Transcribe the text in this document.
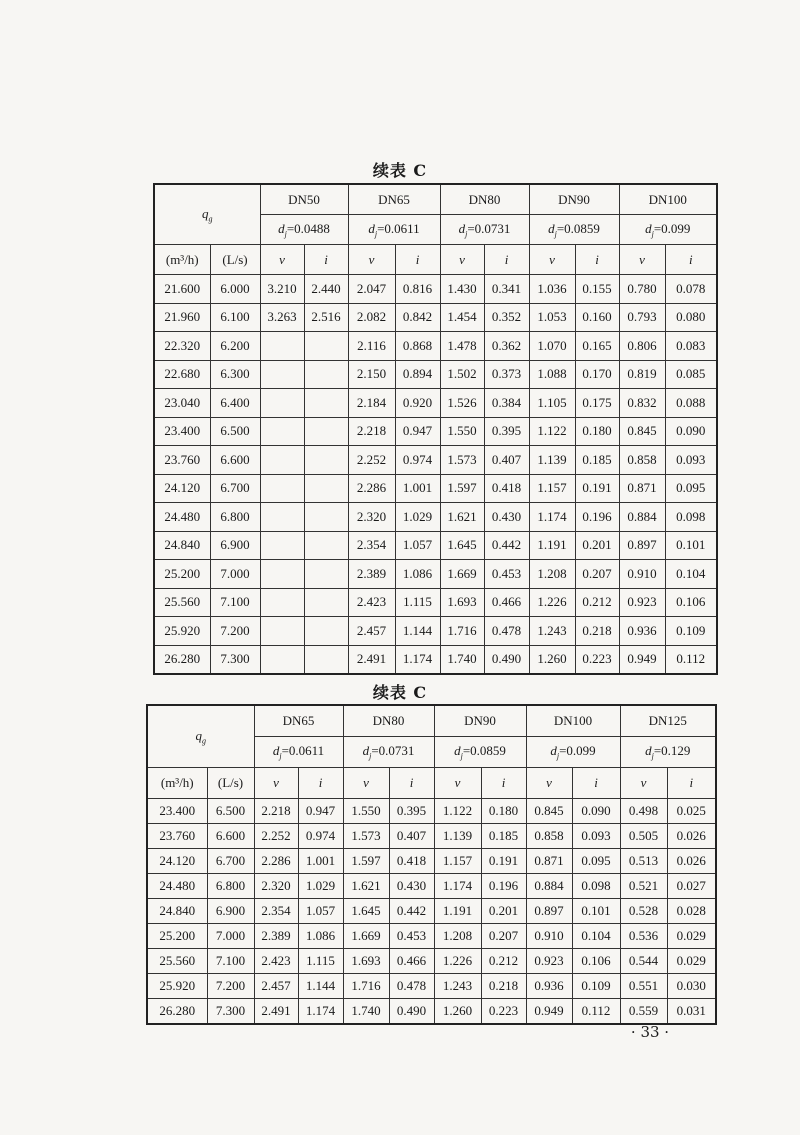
续表 C
$q_g$		DN50		DN65		DN80		DN90		DN100	
		$d_j=0.0488$		$d_j=0.0611$		$d_j=0.0731$		$d_j=0.0859$		$d_j=0.099$	
(m³/h)	(L/s)	v	i	v	i	v	i	v	i	v	i
21.600	6.000	3.210	2.440	2.047	0.816	1.430	0.341	1.036	0.155	0.780	0.078
21.960	6.100	3.263	2.516	2.082	0.842	1.454	0.352	1.053	0.160	0.793	0.080
22.320	6.200			2.116	0.868	1.478	0.362	1.070	0.165	0.806	0.083
22.680	6.300			2.150	0.894	1.502	0.373	1.088	0.170	0.819	0.085
23.040	6.400			2.184	0.920	1.526	0.384	1.105	0.175	0.832	0.088
23.400	6.500			2.218	0.947	1.550	0.395	1.122	0.180	0.845	0.090
23.760	6.600			2.252	0.974	1.573	0.407	1.139	0.185	0.858	0.093
24.120	6.700			2.286	1.001	1.597	0.418	1.157	0.191	0.871	0.095
24.480	6.800			2.320	1.029	1.621	0.430	1.174	0.196	0.884	0.098
24.840	6.900			2.354	1.057	1.645	0.442	1.191	0.201	0.897	0.101
25.200	7.000			2.389	1.086	1.669	0.453	1.208	0.207	0.910	0.104
25.560	7.100			2.423	1.115	1.693	0.466	1.226	0.212	0.923	0.106
25.920	7.200			2.457	1.144	1.716	0.478	1.243	0.218	0.936	0.109
26.280	7.300			2.491	1.174	1.740	0.490	1.260	0.223	0.949	0.112
续表 C
$q_g$		DN65		DN80		DN90		DN100		DN125	
		$d_j=0.0611$		$d_j=0.0731$		$d_j=0.0859$		$d_j=0.099$		$d_j=0.129$	
(m³/h)	(L/s)	v	i	v	i	v	i	v	i	v	i
23.400	6.500	2.218	0.947	1.550	0.395	1.122	0.180	0.845	0.090	0.498	0.025
23.760	6.600	2.252	0.974	1.573	0.407	1.139	0.185	0.858	0.093	0.505	0.026
24.120	6.700	2.286	1.001	1.597	0.418	1.157	0.191	0.871	0.095	0.513	0.026
24.480	6.800	2.320	1.029	1.621	0.430	1.174	0.196	0.884	0.098	0.521	0.027
24.840	6.900	2.354	1.057	1.645	0.442	1.191	0.201	0.897	0.101	0.528	0.028
25.200	7.000	2.389	1.086	1.669	0.453	1.208	0.207	0.910	0.104	0.536	0.029
25.560	7.100	2.423	1.115	1.693	0.466	1.226	0.212	0.923	0.106	0.544	0.029
25.920	7.200	2.457	1.144	1.716	0.478	1.243	0.218	0.936	0.109	0.551	0.030
26.280	7.300	2.491	1.174	1.740	0.490	1.260	0.223	0.949	0.112	0.559	0.031
· 33 ·
